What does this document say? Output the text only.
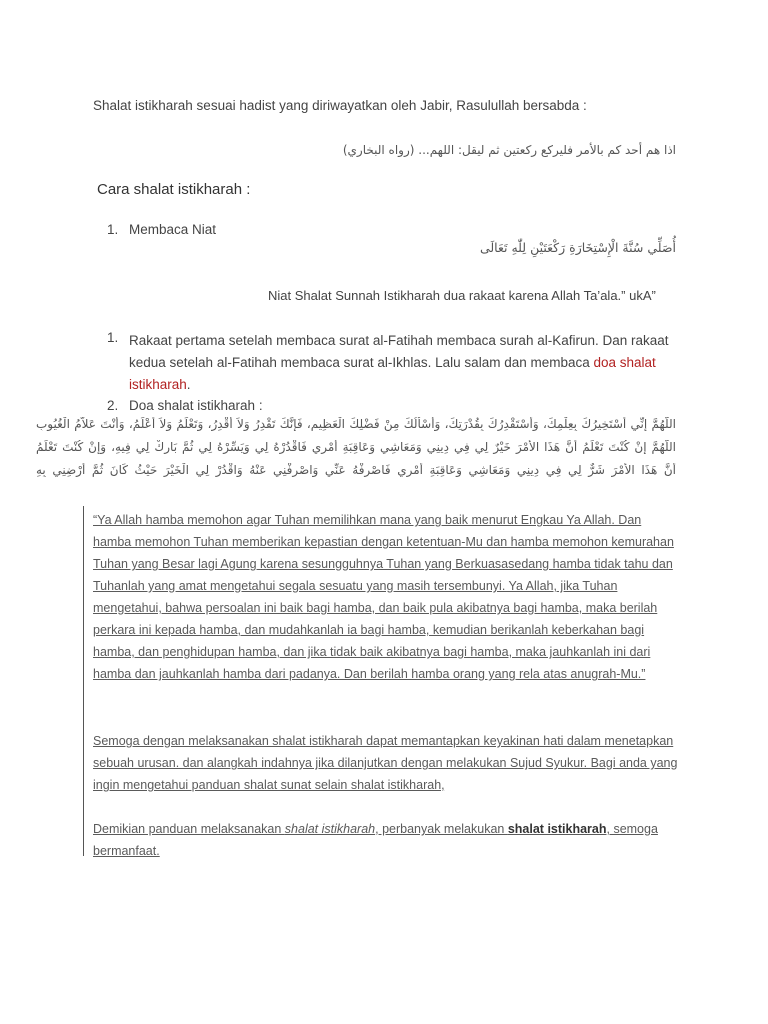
Shalat istikharah sesuai hadist yang diriwayatkan oleh Jabir, Rasulullah bersabda :
اذا هم أحد كم بالأمر فليركع ركعتين ثم ليقل: اللهم... (رواه البخاري)
Cara shalat istikharah :
1. Membaca Niat
أُصَلِّي سُنَّةَ الْإِسْتِخَارَةِ رَكْعَتَيْنِ لِلّٰهِ تَعَالَى
Niat Shalat Sunnah Istikharah dua rakaat karena Allah Ta’ala.” ukA”
1. Rakaat pertama setelah membaca surat al-Fatihah membaca surah al-Kafirun. Dan rakaat kedua setelah al-Fatihah membaca surat al-Ikhlas. Lalu salam dan membaca doa shalat istikharah.
2. Doa shalat istikharah :
اللَّهُمَّ إِنِّي أَسْتَخِيرُكَ بِعِلْمِكَ، وَأَسْتَقْدِرُكَ بِقُدْرَتِكَ، وَأَسْأَلُكَ مِنْ فَضْلِكَ الْعَظِيمِ، فَإِنَّكَ تَقْدِرُ وَلاَ أَقْدِرُ، وَتَعْلَمُ وَلاَ أَعْلَمُ، وَأَنْتَ عَلاَّمُ الْغُيُوبِ
اللَّهُمَّ إِنْ كُنْتَ تَعْلَمُ أَنَّ هَذَا الأَمْرَ خَيْرٌ لِي فِي دِينِي وَمَعَاشِي وَعَاقِبَةِ أَمْرِي فَاقْدُرْهُ لِي وَيَسِّرْهُ لِي ثُمَّ بَارِكْ لِي فِيهِ، وَإِنْ كُنْتَ تَعْلَمُ
أَنَّ هَذَا الأَمْرَ شَرٌّ لِي فِي دِينِي وَمَعَاشِي وَعَاقِبَةِ أَمْرِي فَاصْرِفْهُ عَنِّي وَاصْرِفْنِي عَنْهُ وَاقْدُرْ لِي الْخَيْرَ حَيْثُ كَانَ ثُمَّ أَرْضِنِي بِهِ
“Ya Allah hamba memohon agar Tuhan memilihkan mana yang baik menurut Engkau Ya Allah. Dan hamba memohon Tuhan memberikan kepastian dengan ketentuan-Mu dan hamba memohon kemurahan Tuhan yang Besar lagi Agung karena sesungguhnya Tuhan yang Berkuasasedang hamba tidak tahu dan Tuhanlah yang amat mengetahui segala sesuatu yang masih tersembunyi. Ya Allah, jika Tuhan mengetahui, bahwa persoalan ini baik bagi hamba, dan baik pula akibatnya bagi hamba, maka berilah perkara ini kepada hamba, dan mudahkanlah ia bagi hamba, kemudian berikanlah keberkahan bagi hamba, dan penghidupan hamba, dan jika tidak baik akibatnya bagi hamba, maka jauhkanlah ini dari hamba dan jauhkanlah hamba dari padanya. Dan berilah hamba orang yang rela atas anugrah-Mu.”
Semoga dengan melaksanakan shalat istikharah dapat memantapkan keyakinan hati dalam menetapkan sebuah urusan. dan alangkah indahnya jika dilanjutkan dengan melakukan Sujud Syukur. Bagi anda yang ingin mengetahui panduan shalat sunat selain shalat istikharah,
Demikian panduan melaksanakan shalat istikharah, perbanyak melakukan shalat istikharah, semoga bermanfaat.
